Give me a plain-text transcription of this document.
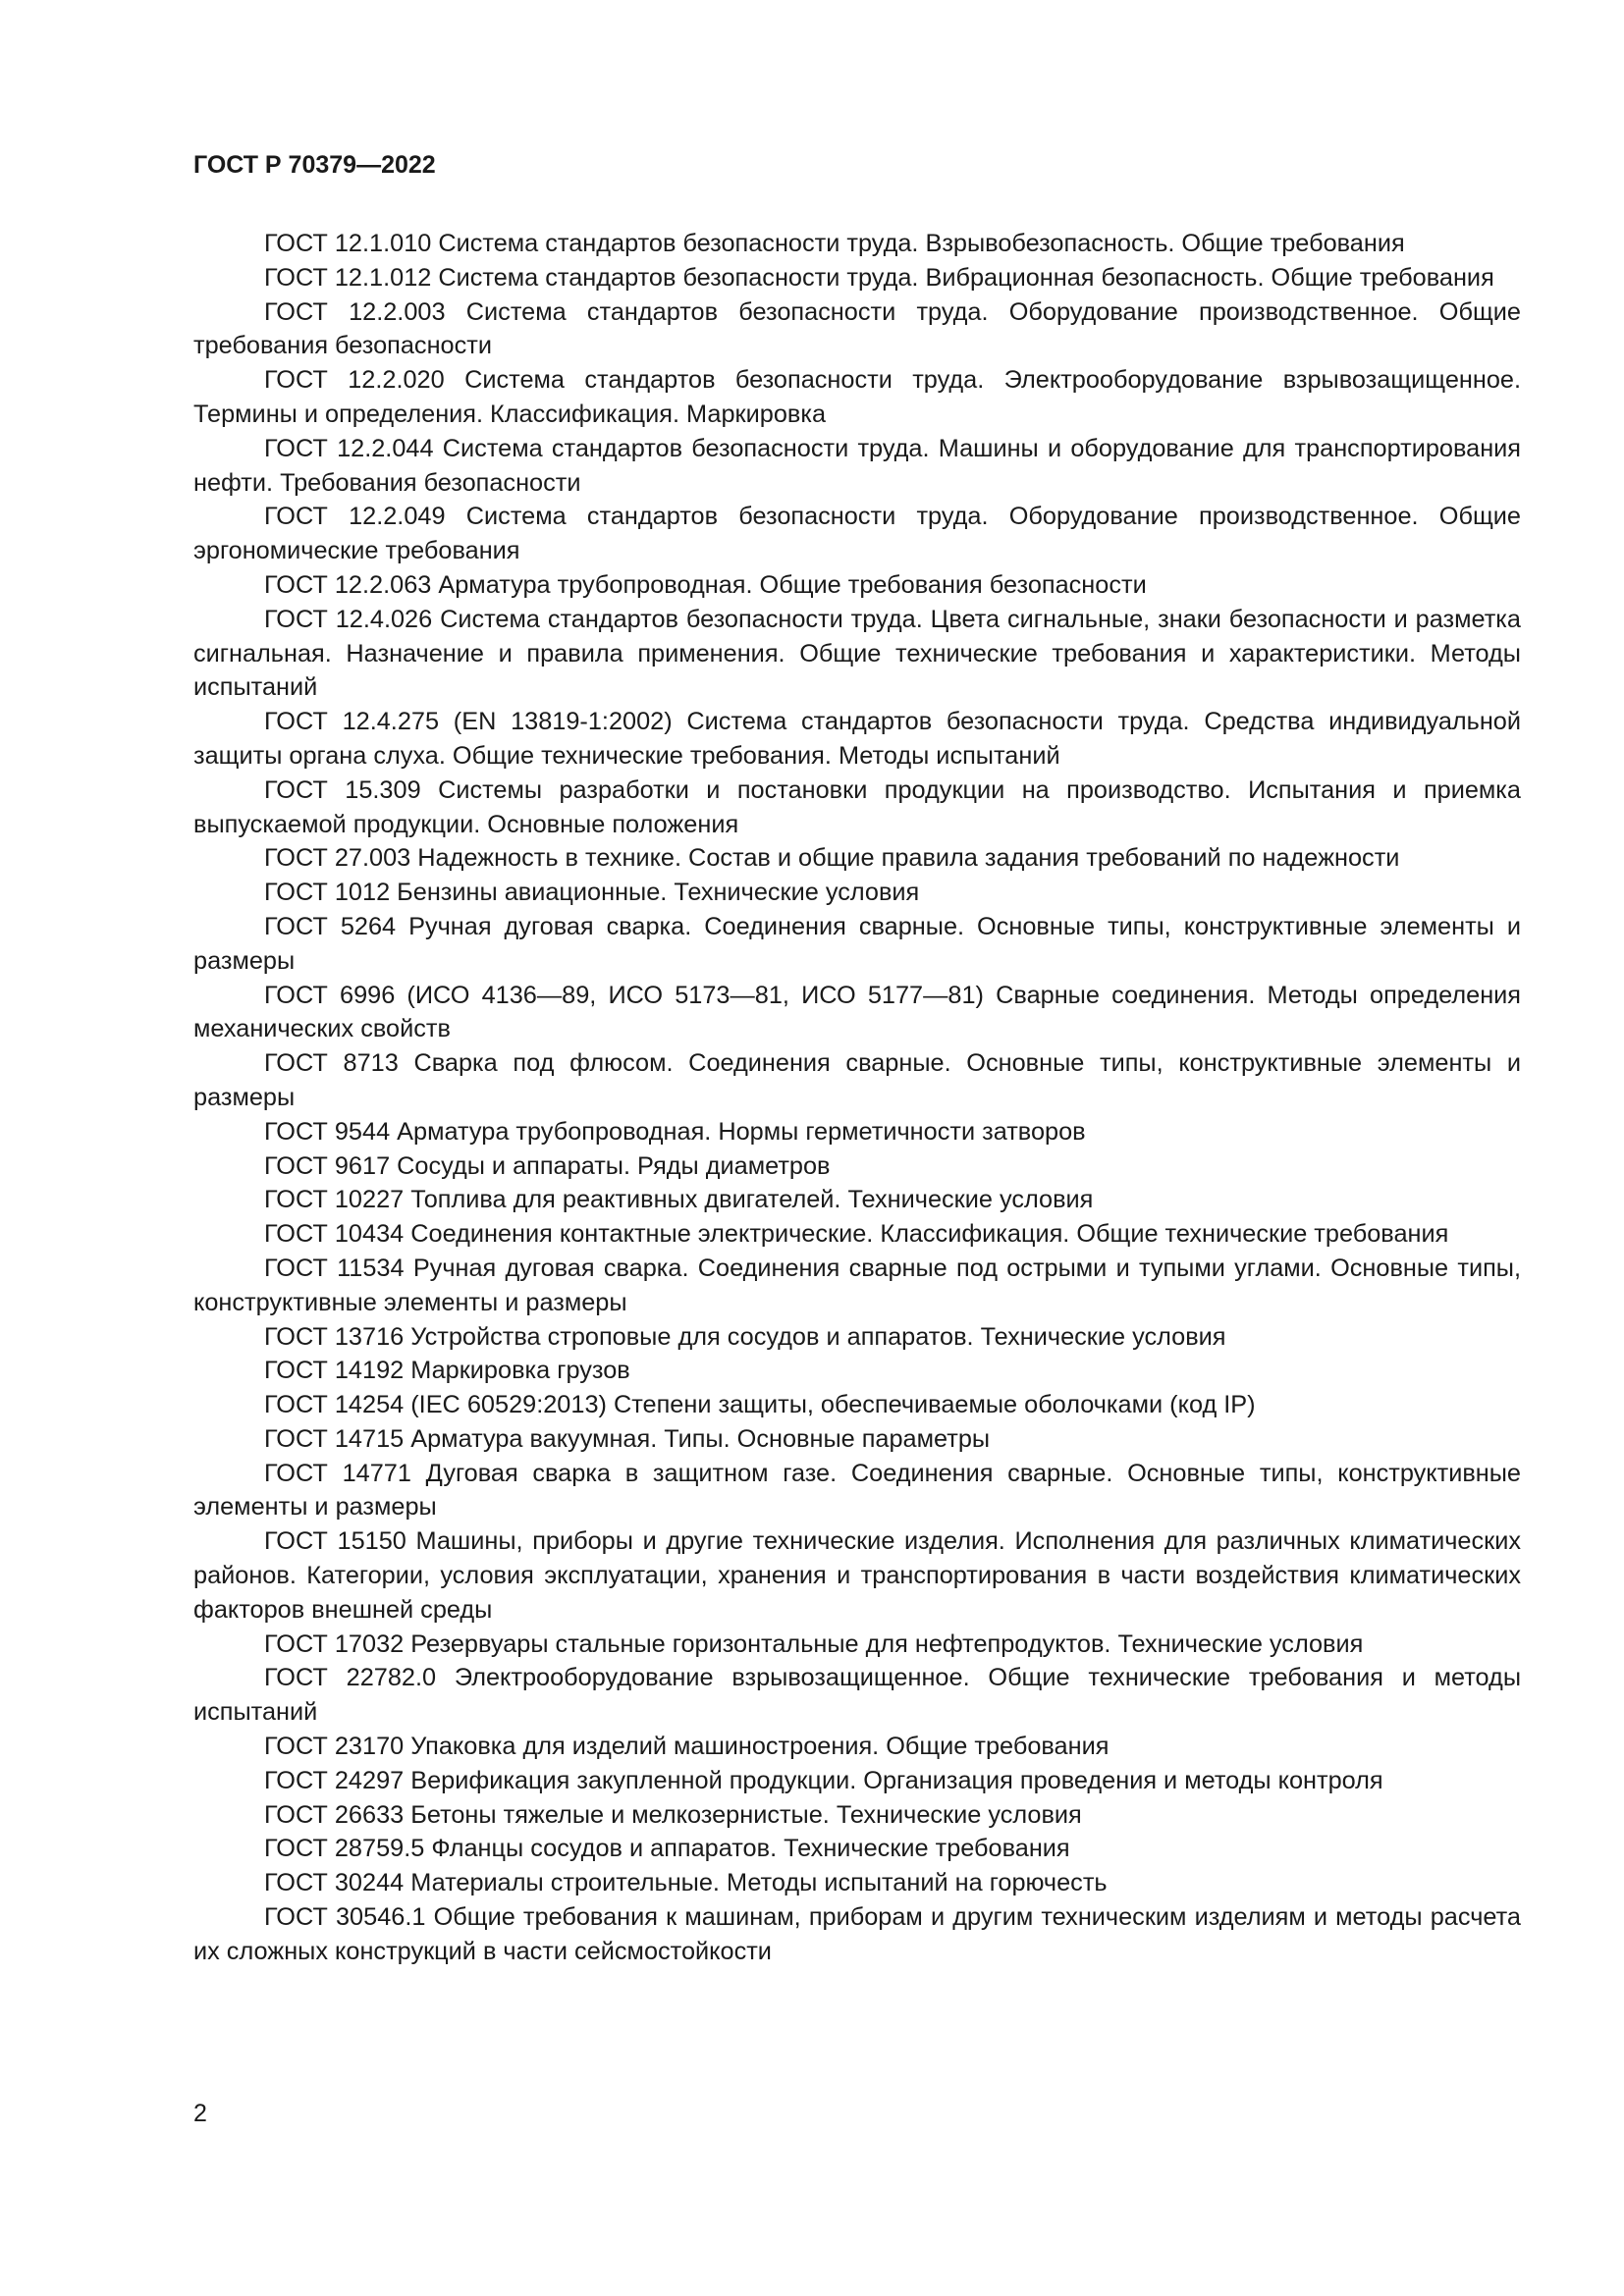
ГОСТ Р 70379—2022
ГОСТ 12.1.010 Система стандартов безопасности труда. Взрывобезопасность. Общие требования
ГОСТ 12.1.012 Система стандартов безопасности труда. Вибрационная безопасность. Общие требования
ГОСТ 12.2.003 Система стандартов безопасности труда. Оборудование производственное. Общие требования безопасности
ГОСТ 12.2.020 Система стандартов безопасности труда. Электрооборудование взрывозащищенное. Термины и определения. Классификация. Маркировка
ГОСТ 12.2.044 Система стандартов безопасности труда. Машины и оборудование для транспортирования нефти. Требования безопасности
ГОСТ 12.2.049 Система стандартов безопасности труда. Оборудование производственное. Общие эргономические требования
ГОСТ 12.2.063 Арматура трубопроводная. Общие требования безопасности
ГОСТ 12.4.026 Система стандартов безопасности труда. Цвета сигнальные, знаки безопасности и разметка сигнальная. Назначение и правила применения. Общие технические требования и характеристики. Методы испытаний
ГОСТ 12.4.275 (EN 13819-1:2002) Система стандартов безопасности труда. Средства индивидуальной защиты органа слуха. Общие технические требования. Методы испытаний
ГОСТ 15.309 Системы разработки и постановки продукции на производство. Испытания и приемка выпускаемой продукции. Основные положения
ГОСТ 27.003 Надежность в технике. Состав и общие правила задания требований по надежности
ГОСТ 1012 Бензины авиационные. Технические условия
ГОСТ 5264 Ручная дуговая сварка. Соединения сварные. Основные типы, конструктивные элементы и размеры
ГОСТ 6996 (ИСО 4136—89, ИСО 5173—81, ИСО 5177—81) Сварные соединения. Методы определения механических свойств
ГОСТ 8713 Сварка под флюсом. Соединения сварные. Основные типы, конструктивные элементы и размеры
ГОСТ 9544 Арматура трубопроводная. Нормы герметичности затворов
ГОСТ 9617 Сосуды и аппараты. Ряды диаметров
ГОСТ 10227 Топлива для реактивных двигателей. Технические условия
ГОСТ 10434 Соединения контактные электрические. Классификация. Общие технические требования
ГОСТ 11534 Ручная дуговая сварка. Соединения сварные под острыми и тупыми углами. Основные типы, конструктивные элементы и размеры
ГОСТ 13716 Устройства строповые для сосудов и аппаратов. Технические условия
ГОСТ 14192 Маркировка грузов
ГОСТ 14254 (IEC 60529:2013) Степени защиты, обеспечиваемые оболочками (код IP)
ГОСТ 14715 Арматура вакуумная. Типы. Основные параметры
ГОСТ 14771 Дуговая сварка в защитном газе. Соединения сварные. Основные типы, конструктивные элементы и размеры
ГОСТ 15150 Машины, приборы и другие технические изделия. Исполнения для различных климатических районов. Категории, условия эксплуатации, хранения и транспортирования в части воздействия климатических факторов внешней среды
ГОСТ 17032 Резервуары стальные горизонтальные для нефтепродуктов. Технические условия
ГОСТ 22782.0 Электрооборудование взрывозащищенное. Общие технические требования и методы испытаний
ГОСТ 23170 Упаковка для изделий машиностроения. Общие требования
ГОСТ 24297 Верификация закупленной продукции. Организация проведения и методы контроля
ГОСТ 26633 Бетоны тяжелые и мелкозернистые. Технические условия
ГОСТ 28759.5 Фланцы сосудов и аппаратов. Технические требования
ГОСТ 30244 Материалы строительные. Методы испытаний на горючесть
ГОСТ 30546.1 Общие требования к машинам, приборам и другим техническим изделиям и методы расчета их сложных конструкций в части сейсмостойкости

2
